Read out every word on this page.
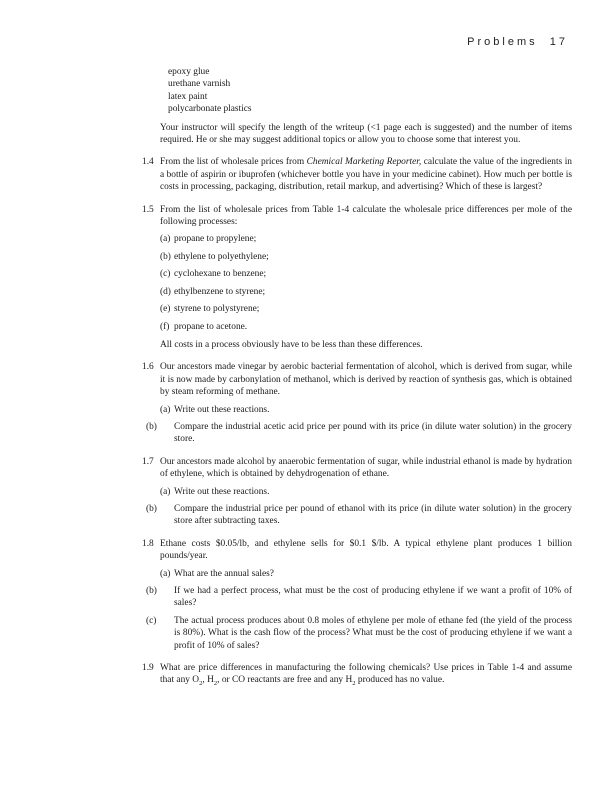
Problems 17
epoxy glue
urethane varnish
latex paint
polycarbonate plastics
Your instructor will specify the length of the writeup (<1 page each is suggested) and the number of items required. He or she may suggest additional topics or allow you to choose some that interest you.
1.4 From the list of wholesale prices from Chemical Marketing Reporter, calculate the value of the ingredients in a bottle of aspirin or ibuprofen (whichever bottle you have in your medicine cabinet). How much per bottle is costs in processing, packaging, distribution, retail markup, and advertising? Which of these is largest?
1.5 From the list of wholesale prices from Table 1-4 calculate the wholesale price differences per mole of the following processes:
(a) propane to propylene;
(b) ethylene to polyethylene;
(c) cyclohexane to benzene;
(d) ethylbenzene to styrene;
(e) styrene to polystyrene;
(f) propane to acetone.
All costs in a process obviously have to be less than these differences.
1.6 Our ancestors made vinegar by aerobic bacterial fermentation of alcohol, which is derived from sugar, while it is now made by carbonylation of methanol, which is derived by reaction of synthesis gas, which is obtained by steam reforming of methane.
(a) Write out these reactions.
(b) Compare the industrial acetic acid price per pound with its price (in dilute water solution) in the grocery store.
1.7 Our ancestors made alcohol by anaerobic fermentation of sugar, while industrial ethanol is made by hydration of ethylene, which is obtained by dehydrogenation of ethane.
(a) Write out these reactions.
(b) Compare the industrial price per pound of ethanol with its price (in dilute water solution) in the grocery store after subtracting taxes.
1.8 Ethane costs $0.05/lb, and ethylene sells for $0.1 $/lb. A typical ethylene plant produces 1 billion pounds/year.
(a) What are the annual sales?
(b) If we had a perfect process, what must be the cost of producing ethylene if we want a profit of 10% of sales?
(c) The actual process produces about 0.8 moles of ethylene per mole of ethane fed (the yield of the process is 80%). What is the cash flow of the process? What must be the cost of producing ethylene if we want a profit of 10% of sales?
1.9 What are price differences in manufacturing the following chemicals? Use prices in Table 1-4 and assume that any $O_2$, $H_2$, or CO reactants are free and any $H_2$ produced has no value.
